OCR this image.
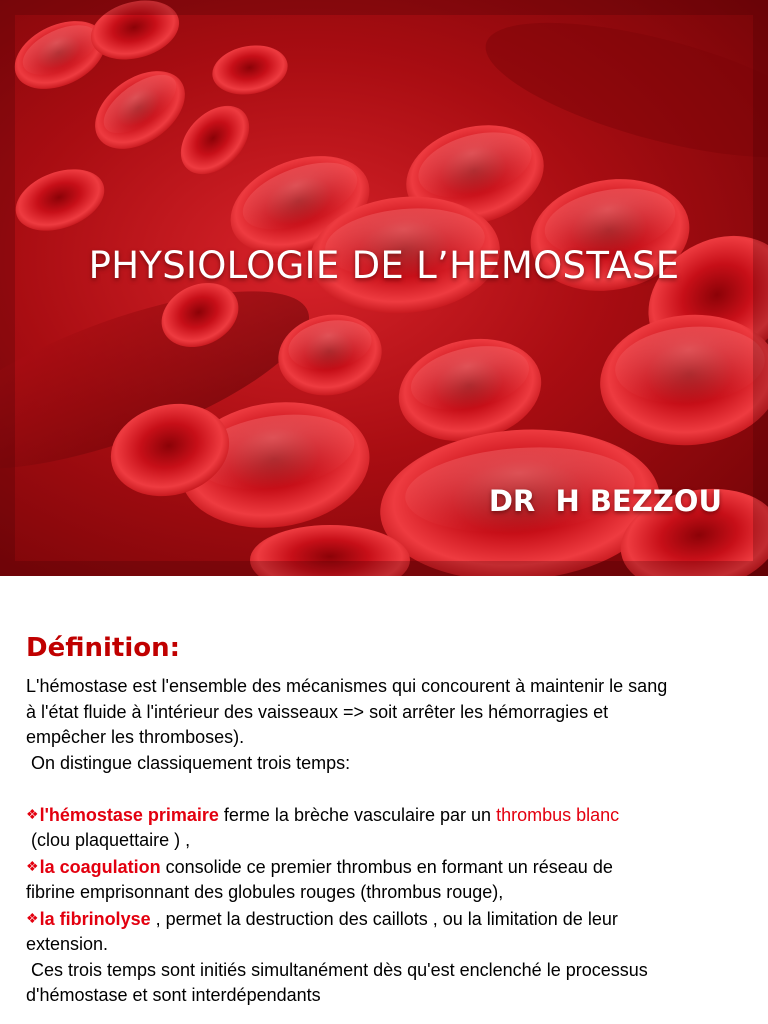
PHYSIOLOGIE DE L’HEMOSTASE
DR  H BEZZOU
Définition:

L'hémostase est l'ensemble des mécanismes qui concourent à maintenir le sang

à l'état fluide à l'intérieur des vaisseaux => soit arrêter les hémorragies et

empêcher les thromboses).

On distingue classiquement trois temps:

❖l'hémostase primaire ferme la brèche vasculaire par un thrombus blanc

(clou plaquettaire ) ,

❖la coagulation consolide ce premier thrombus en formant un réseau de

fibrine emprisonnant des globules rouges (thrombus rouge),

❖la fibrinolyse , permet la destruction des caillots , ou la limitation de leur

extension.

Ces trois temps sont initiés simultanément dès qu'est enclenché le processus

d'hémostase et sont interdépendants
